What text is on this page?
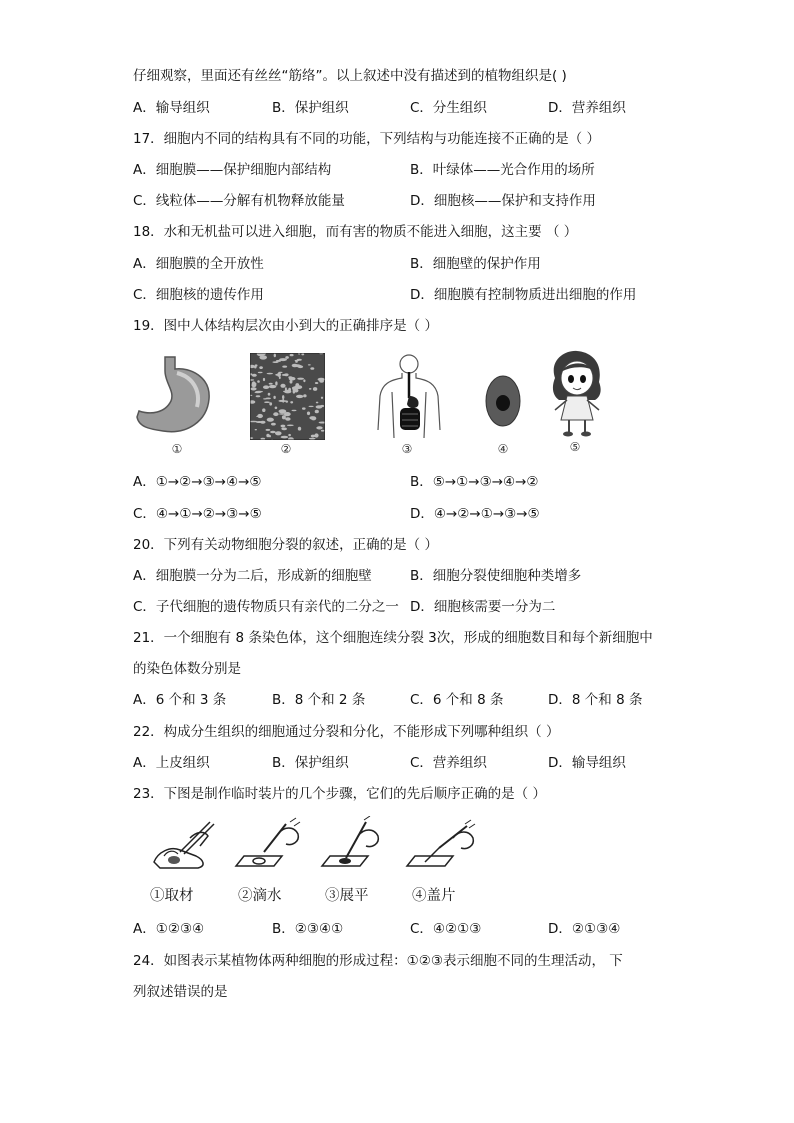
仔细观察，里面还有丝丝“筋络”。以上叙述中没有描述到的植物组织是( )
A．输导组织	B．保护组织	C．分生组织	D．营养组织
17．细胞内不同的结构具有不同的功能，下列结构与功能连接不正确的是（ ）
A．细胞膜——保护细胞内部结构	B．叶绿体——光合作用的场所
C．线粒体——分解有机物释放能量	D．细胞核——保护和支持作用
18．水和无机盐可以进入细胞，而有害的物质不能进入细胞，这主要 （ ）
A．细胞膜的全开放性	B．细胞壁的保护作用
C．细胞核的遗传作用	D．细胞膜有控制物质进出细胞的作用
19．图中人体结构层次由小到大的正确排序是（ ）
①	②	③	④	⑤
A．①→②→③→④→⑤	B．⑤→①→③→④→②
C．④→①→②→③→⑤	D．④→②→①→③→⑤
20．下列有关动物细胞分裂的叙述，正确的是（ ）
A．细胞膜一分为二后，形成新的细胞壁	B．细胞分裂使细胞种类增多
C．子代细胞的遗传物质只有亲代的二分之一 D．细胞核需要一分为二
21．一个细胞有 8 条染色体，这个细胞连续分裂 3次，形成的细胞数目和每个新细胞中
的染色体数分别是
A．6 个和 3 条	B．8 个和 2 条	C．6 个和 8 条	D．8 个和 8 条
22．构成分生组织的细胞通过分裂和分化，不能形成下列哪种组织（ ）
A．上皮组织	B．保护组织	C．营养组织	D．输导组织
23．下图是制作临时装片的几个步骤，它们的先后顺序正确的是（ ）
①取材	②滴水	③展平	④盖片
A．①②③④	B．②③④①	C．④②①③	D．②①③④
24．如图表示某植物体两种细胞的形成过程：①②③表示细胞不同的生理活动， 下
列叙述错误的是
